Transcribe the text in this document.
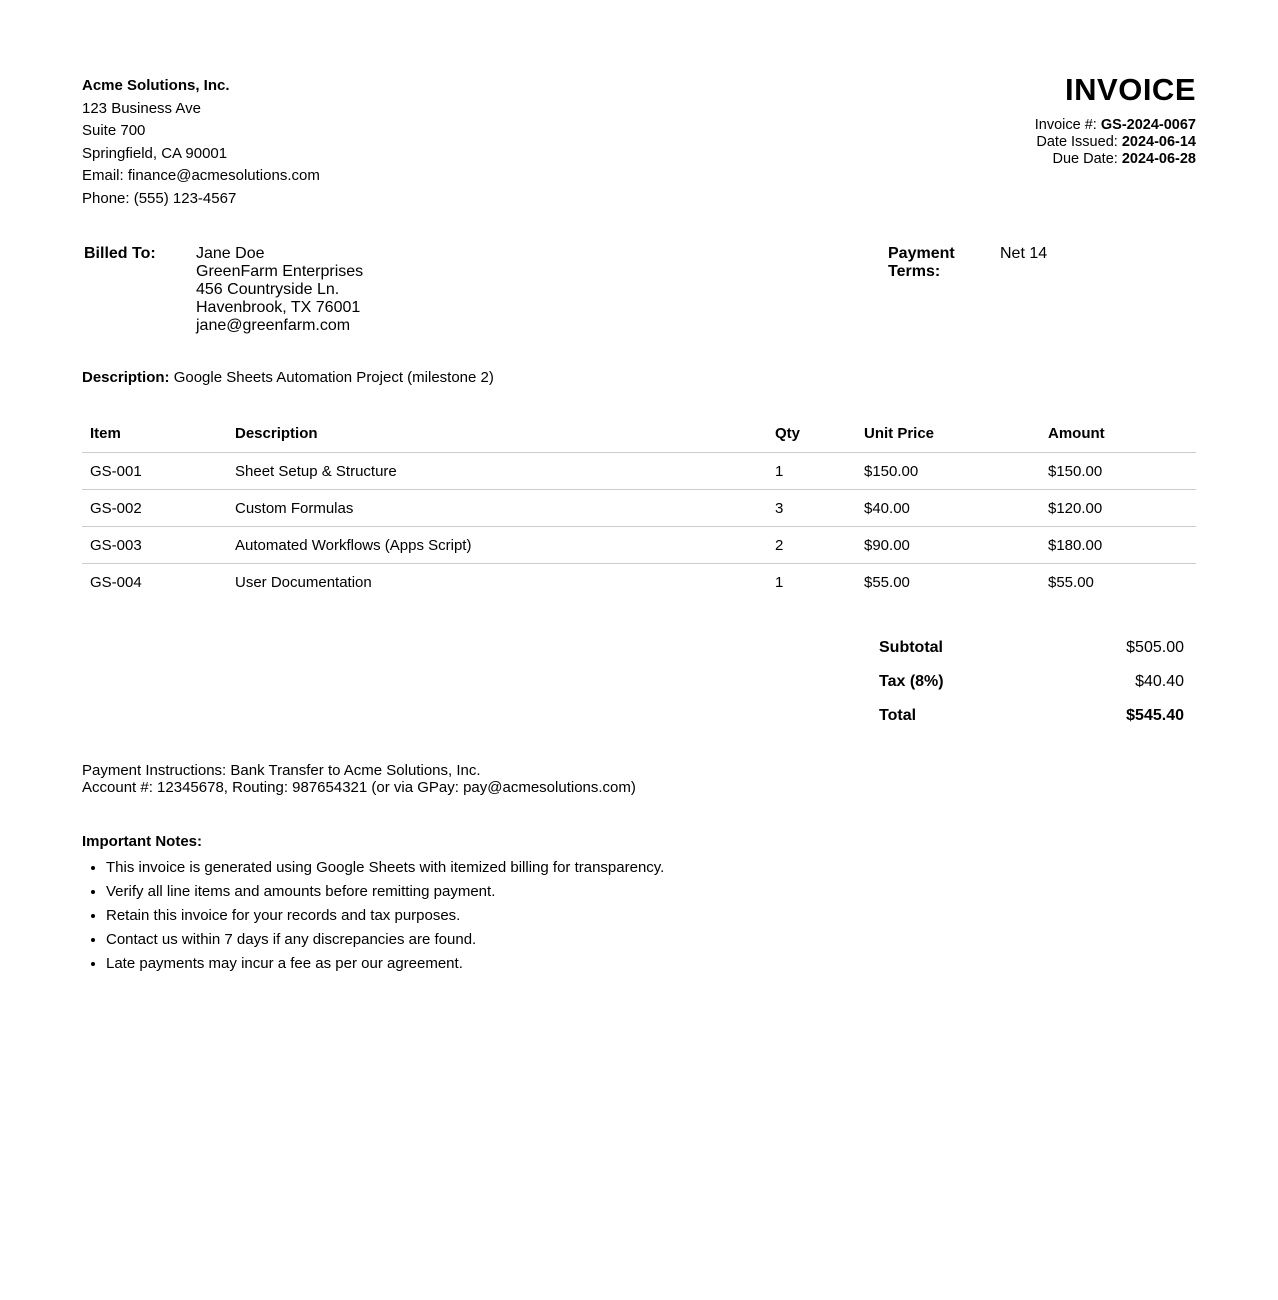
Acme Solutions, Inc.
123 Business Ave
Suite 700
Springfield, CA 90001
Email: finance@acmesolutions.com
Phone: (555) 123-4567
INVOICE
Invoice #: GS-2024-0067
Date Issued: 2024-06-14
Due Date: 2024-06-28
Billed To:	Jane Doe
GreenFarm Enterprises
456 Countryside Ln.
Havenbrook, TX 76001
jane@greenfarm.com
Payment Terms:
Net 14
Description: Google Sheets Automation Project (milestone 2)
Item	Description	Qty	Unit Price	Amount
GS-001	Sheet Setup & Structure	1	$150.00	$150.00
GS-002	Custom Formulas	3	$40.00	$120.00
GS-003	Automated Workflows (Apps Script)	2	$90.00	$180.00
GS-004	User Documentation	1	$55.00	$55.00
Subtotal	$505.00
Tax (8%)	$40.40
Total	$545.40
Payment Instructions: Bank Transfer to Acme Solutions, Inc.
Account #: 12345678, Routing: 987654321 (or via GPay: pay@acmesolutions.com)
Important Notes:
• This invoice is generated using Google Sheets with itemized billing for transparency.
• Verify all line items and amounts before remitting payment.
• Retain this invoice for your records and tax purposes.
• Contact us within 7 days if any discrepancies are found.
• Late payments may incur a fee as per our agreement.
